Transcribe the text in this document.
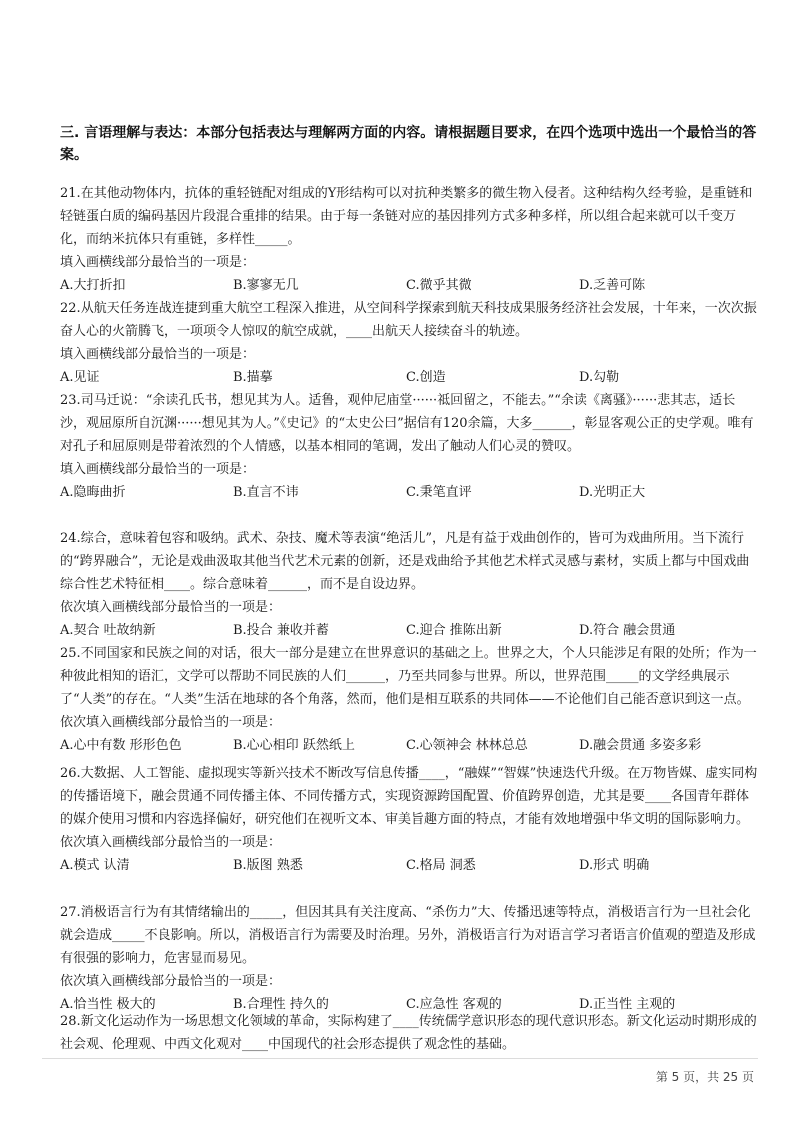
三. 言语理解与表达：本部分包括表达与理解两方面的内容。请根据题目要求，在四个选项中选出一个最恰当的答案。
21.在其他动物体内，抗体的重轻链配对组成的Y形结构可以对抗种类繁多的微生物入侵者。这种结构久经考验，是重链和轻链蛋白质的编码基因片段混合重排的结果。由于每一条链对应的基因排列方式多种多样，所以组合起来就可以千变万化，而纳米抗体只有重链，多样性_____。
填入画横线部分最恰当的一项是：
A.大打折扣	B.寥寥无几	C.微乎其微	D.乏善可陈
22.从航天任务连战连捷到重大航空工程深入推进，从空间科学探索到航天科技成果服务经济社会发展，十年来，一次次振奋人心的火箭腾飞，一项项令人惊叹的航空成就，____出航天人接续奋斗的轨迹。
填入画横线部分最恰当的一项是：
A.见证	B.描摹	C.创造	D.勾勒
23.司马迁说：“余读孔氏书，想见其为人。适鲁，观仲尼庙堂······祗回留之，不能去。”“余读《离骚》······悲其志，适长沙，观屈原所自沉渊······想见其为人。”《史记》的“太史公曰”据信有120余篇，大多______，彰显客观公正的史学观。唯有对孔子和屈原则是带着浓烈的个人情感，以基本相同的笔调，发出了触动人们心灵的赞叹。
填入画横线部分最恰当的一项是：
A.隐晦曲折	B.直言不讳	C.秉笔直评	D.光明正大
24.综合，意味着包容和吸纳。武术、杂技、魔术等表演“绝活儿”，凡是有益于戏曲创作的，皆可为戏曲所用。当下流行的“跨界融合”，无论是戏曲汲取其他当代艺术元素的创新，还是戏曲给予其他艺术样式灵感与素材，实质上都与中国戏曲综合性艺术特征相____。综合意味着______，而不是自设边界。
依次填入画横线部分最恰当的一项是：
A.契合 吐故纳新	B.投合 兼收并蓄	C.迎合 推陈出新	D.符合 融会贯通
25.不同国家和民族之间的对话，很大一部分是建立在世界意识的基础之上。世界之大，个人只能涉足有限的处所；作为一种彼此相知的语汇，文学可以帮助不同民族的人们______，乃至共同参与世界。所以，世界范围_____的文学经典展示了“人类”的存在。“人类”生活在地球的各个角落，然而，他们是相互联系的共同体——不论他们自己能否意识到这一点。
依次填入画横线部分最恰当的一项是：
A.心中有数 形形色色	B.心心相印 跃然纸上	C.心领神会 林林总总	D.融会贯通 多姿多彩
26.大数据、人工智能、虚拟现实等新兴技术不断改写信息传播____，“融媒”“智媒”快速迭代升级。在万物皆媒、虚实同构的传播语境下，融会贯通不同传播主体、不同传播方式，实现资源跨国配置、价值跨界创造，尤其是要____各国青年群体的媒介使用习惯和内容选择偏好，研究他们在视听文本、审美旨趣方面的特点，才能有效地增强中华文明的国际影响力。
依次填入画横线部分最恰当的一项是：
A.模式 认清	B.版图 熟悉	C.格局 洞悉	D.形式 明确
27.消极语言行为有其情绪输出的_____，但因其具有关注度高、“杀伤力”大、传播迅速等特点，消极语言行为一旦社会化就会造成_____不良影响。所以，消极语言行为需要及时治理。另外，消极语言行为对语言学习者语言价值观的塑造及形成有很强的影响力，危害显而易见。
依次填入画横线部分最恰当的一项是：
A.恰当性 极大的	B.合理性 持久的	C.应急性 客观的	D.正当性 主观的
28.新文化运动作为一场思想文化领域的革命，实际构建了____传统儒学意识形态的现代意识形态。新文化运动时期形成的社会观、伦理观、中西文化观对____中国现代的社会形态提供了观念性的基础。
第 5 页，共 25 页
